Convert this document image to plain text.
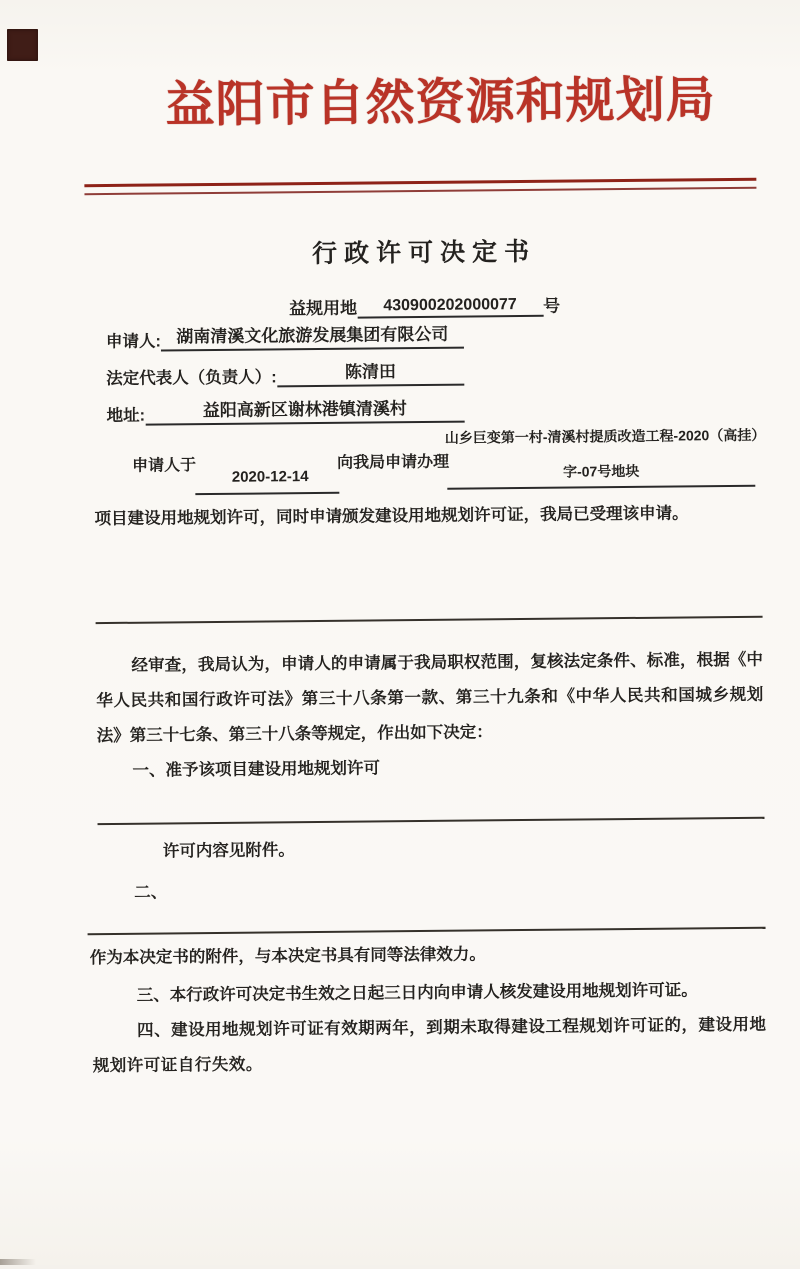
益阳市自然资源和规划局
行政许可决定书
益规用地	430900202000077	号
申请人: 湖南清溪文化旅游发展集团有限公司
法定代表人（负责人）:	陈清田
地址:	益阳高新区谢林港镇清溪村
申请人于
2020-12-14
向我局申请办理
山乡巨变第一村-清溪村提质改造工程-2020（高挂）
字-07号地块
项目建设用地规划许可，同时申请颁发建设用地规划许可证，我局已受理该申请。

经审查，我局认为，申请人的申请属于我局职权范围，复核法定条件、标准，根据《中华人民共和国行政许可法》第三十八条第一款、第三十九条和《中华人民共和国城乡规划法》第三十七条、第三十八条等规定，作出如下决定：

一、准予该项目建设用地规划许可

许可内容见附件。
二、
作为本决定书的附件，与本决定书具有同等法律效力。

三、本行政许可决定书生效之日起三日内向申请人核发建设用地规划许可证。

四、建设用地规划许可证有效期两年，到期未取得建设工程规划许可证的，建设用地规划许可证自行失效。
